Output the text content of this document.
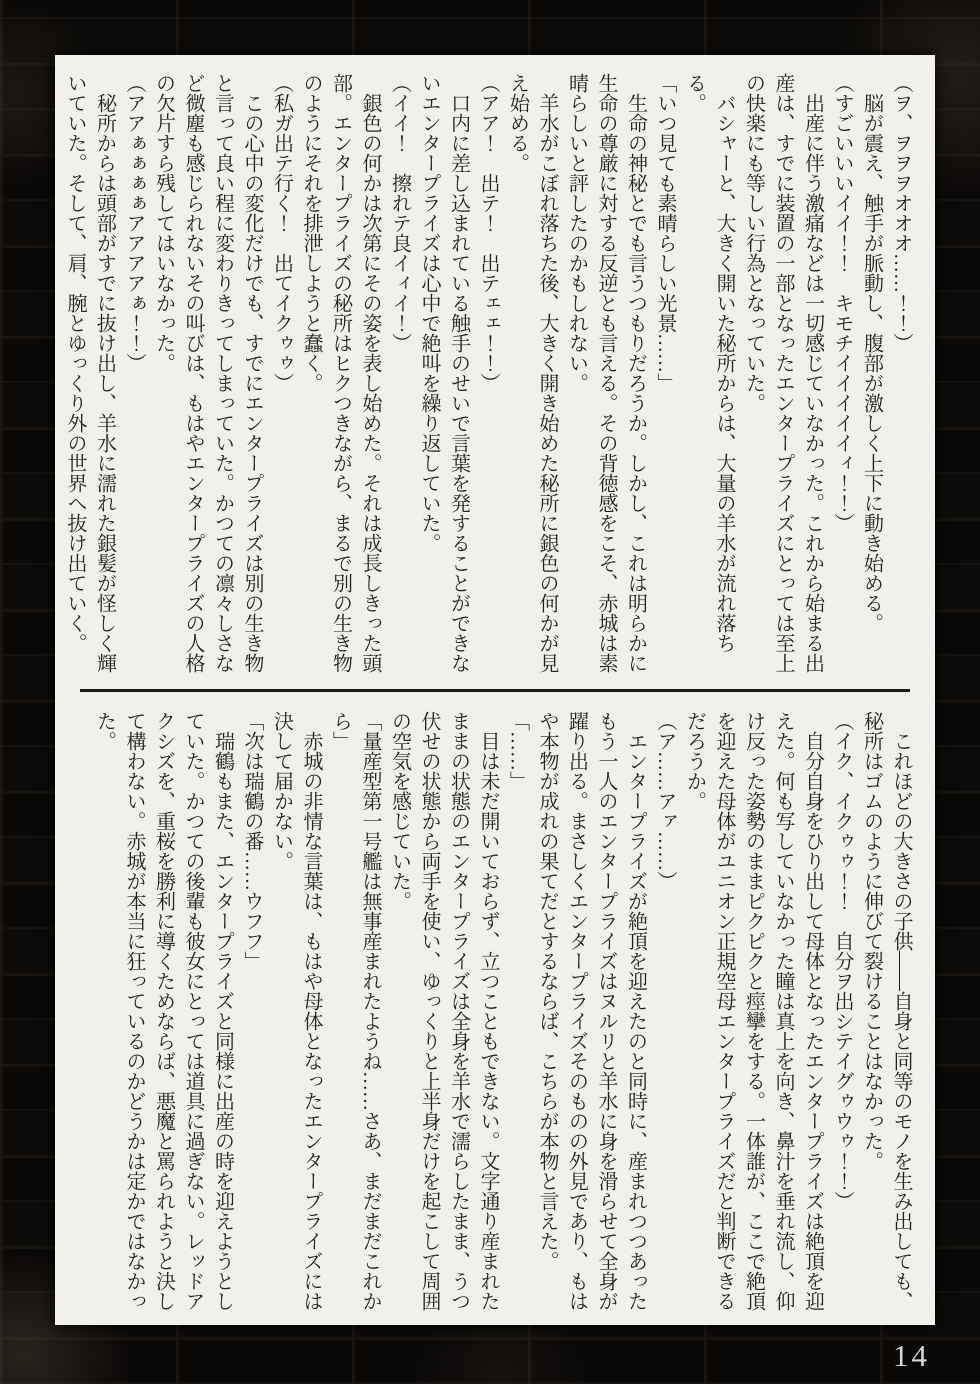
（ヲ、ヲヲヲオオオ……！！）

脳が震え、触手が脈動し、腹部が激しく上下に動き始める。

（すごいいいイイ！！　キモチイイイイイィ！！）

出産に伴う激痛などは一切感じていなかった。これから始まる出産は、すでに装置の一部となったエンタープライズにとっては至上の快楽にも等しい行為となっていた。

バシャーと、大きく開いた秘所からは、大量の羊水が流れ落ちる。

「いつ見ても素晴らしい光景……」

生命の神秘とでも言うつもりだろうか。しかし、これは明らかに生命の尊厳に対する反逆とも言える。その背徳感をこそ、赤城は素晴らしいと評したのかもしれない。

羊水がこぼれ落ちた後、大きく開き始めた秘所に銀色の何かが見え始める。

（アア！　出テ！　出テェェ！！）

口内に差し込まれている触手のせいで言葉を発することができないエンタープライズは心中で絶叫を繰り返していた。

（イイ！　擦れテ良イィイ！）

銀色の何かは次第にその姿を表し始めた。それは成長しきった頭部。エンタープライズの秘所はヒクつきながら、まるで別の生き物のようにそれを排泄しようと蠢く。

（私ガ出テ行く！　出てイクゥゥ）

この心中の変化だけでも、すでにエンタープライズは別の生き物と言って良い程に変わりきってしまっていた。かつての凛々しさなど微塵も感じられないその叫びは、もはやエンタープライズの人格の欠片すら残してはいなかった。

（アアぁぁぁぁアアアアぁ！！）

秘所からは頭部がすでに抜け出し、羊水に濡れた銀髪が怪しく輝いていた。そして、肩、腕とゆっくり外の世界へ抜け出ていく。

これほどの大きさの子供――自身と同等のモノを生み出しても、秘所はゴムのように伸びて裂けることはなかった。

（イク、イクゥゥ！！　自分ヲ出シテイグゥウゥ！！）

自分自身をひり出して母体となったエンタープライズは絶頂を迎えた。何も写していなかった瞳は真上を向き、鼻汁を垂れ流し、仰け反った姿勢のままピクピクと痙攣をする。一体誰が、ここで絶頂を迎えた母体がユニオン正規空母エンタープライズだと判断できるだろうか。

（ア……アァ……）

エンタープライズが絶頂を迎えたのと同時に、産まれつつあったもう一人のエンタープライズはヌルリと羊水に身を滑らせて全身が躍り出る。まさしくエンタープライズそのものの外見であり、もはや本物が成れの果てだとするならば、こちらが本物と言えた。

「……」

目は未だ開いておらず、立つこともできない。文字通り産まれたままの状態のエンタープライズは全身を羊水で濡らしたまま、うつ伏せの状態から両手を使い、ゆっくりと上半身だけを起こして周囲の空気を感じていた。

「量産型第一号艦は無事産まれたようね……さあ、まだまだこれから」

赤城の非情な言葉は、もはや母体となったエンタープライズには決して届かない。

「次は瑞鶴の番……ウフフ」

瑞鶴もまた、エンタープライズと同様に出産の時を迎えようとしていた。かつての後輩も彼女にとっては道具に過ぎない。レッドアクシズを、重桜を勝利に導くためならば、悪魔と罵られようと決して構わない。赤城が本当に狂っているのかどうかは定かではなかった。

14
